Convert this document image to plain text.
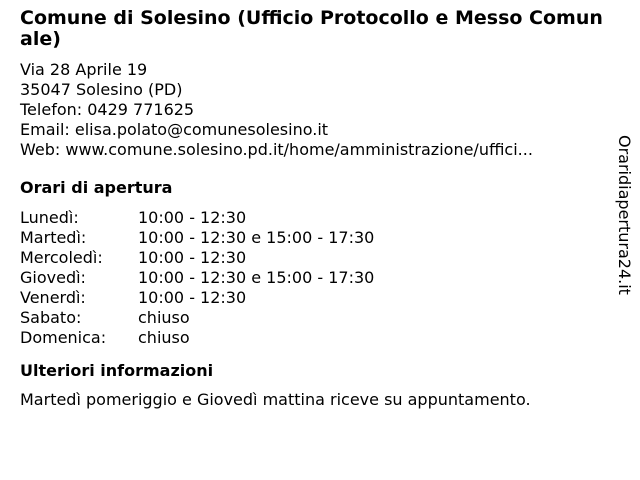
Comune di Solesino (Ufficio Protocollo e Messo Comunale)
Via 28 Aprile 19
35047 Solesino (PD)
Telefon: 0429 771625
Email: elisa.polato@comunesolesino.it
Web: www.comune.solesino.pd.it/home/amministrazione/uffici...
Orari di apertura
Lunedì:	10:00 - 12:30
Martedì:	10:00 - 12:30 e 15:00 - 17:30
Mercoledì:	10:00 - 12:30
Giovedì:	10:00 - 12:30 e 15:00 - 17:30
Venerdì:	10:00 - 12:30
Sabato:	chiuso
Domenica:	chiuso
Ulteriori informazioni
Martedì pomeriggio e Giovedì mattina riceve su appuntamento.
Oraridiapertura24.it
